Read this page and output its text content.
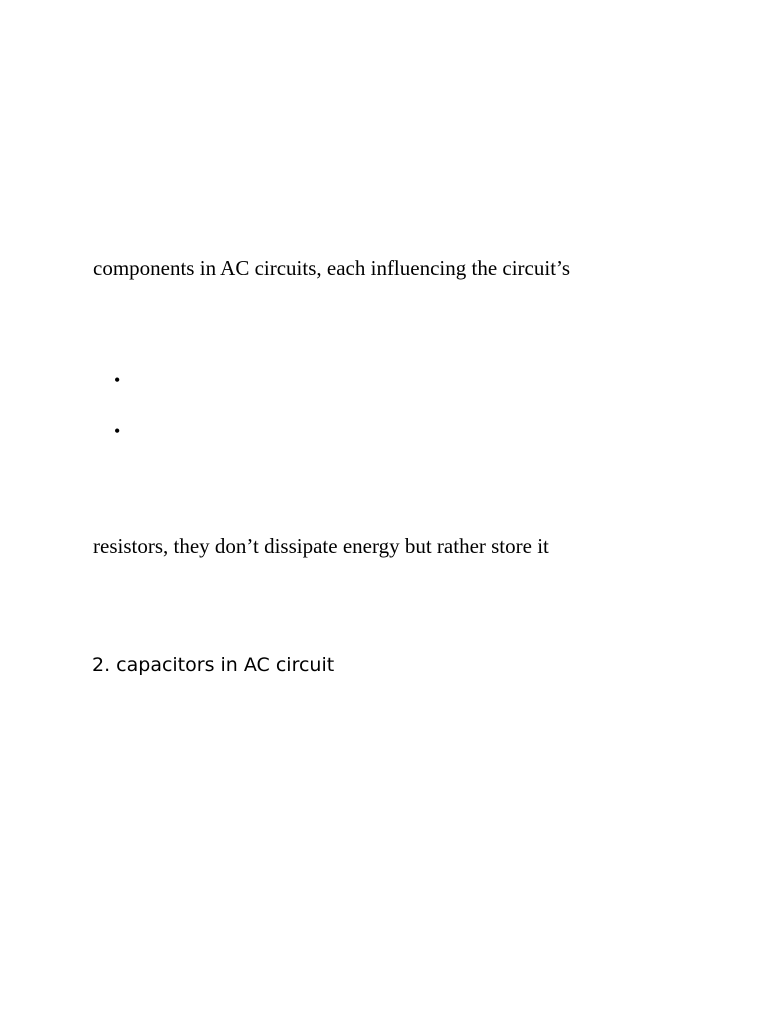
components in AC circuits, each influencing the circuit’s
•
•
resistors, they don’t dissipate energy but rather store it
2. capacitors in AC circuit
